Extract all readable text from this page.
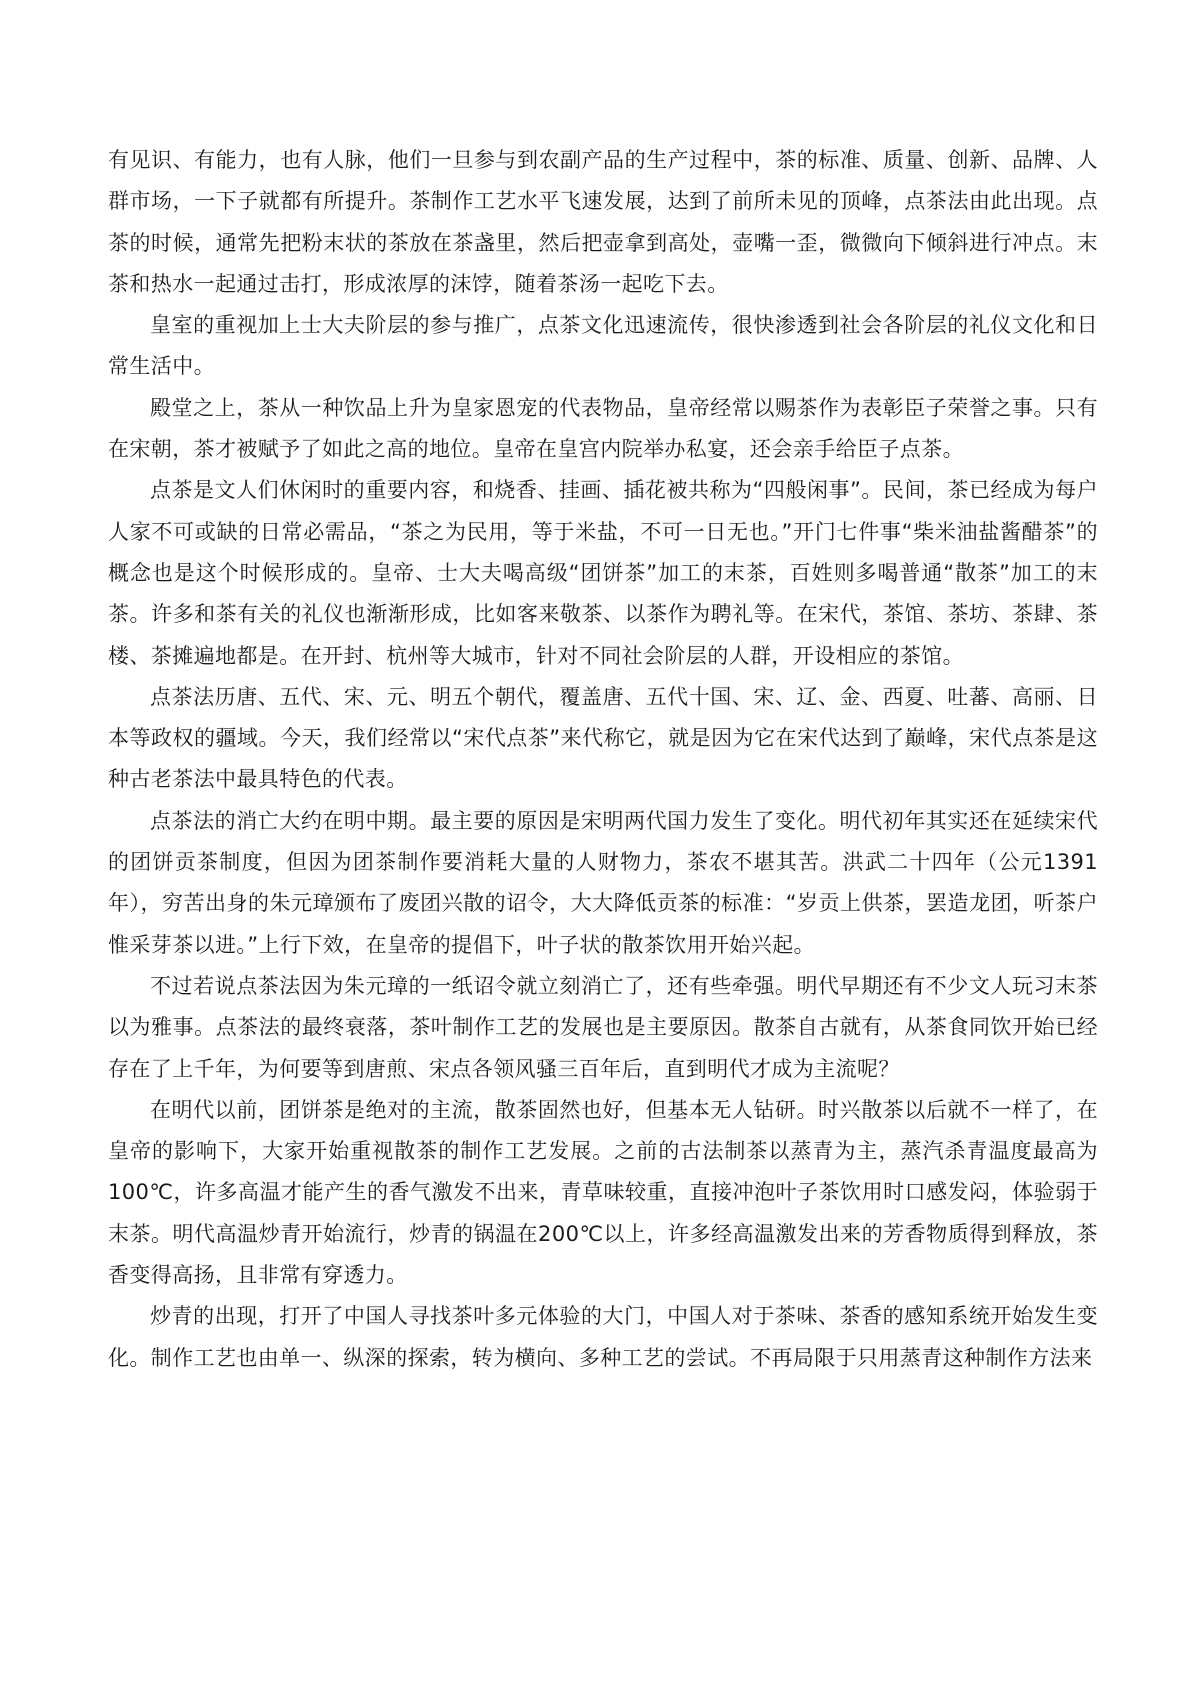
有见识、有能力，也有人脉，他们一旦参与到农副产品的生产过程中，茶的标准、质量、创新、品牌、人群市场，一下子就都有所提升。茶制作工艺水平飞速发展，达到了前所未见的顶峰，点茶法由此出现。点茶的时候，通常先把粉末状的茶放在茶盏里，然后把壶拿到高处，壶嘴一歪，微微向下倾斜进行冲点。末茶和热水一起通过击打，形成浓厚的沫饽，随着茶汤一起吃下去。

皇室的重视加上士大夫阶层的参与推广，点茶文化迅速流传，很快渗透到社会各阶层的礼仪文化和日常生活中。

殿堂之上，茶从一种饮品上升为皇家恩宠的代表物品，皇帝经常以赐茶作为表彰臣子荣誉之事。只有在宋朝，茶才被赋予了如此之高的地位。皇帝在皇宫内院举办私宴，还会亲手给臣子点茶。

点茶是文人们休闲时的重要内容，和烧香、挂画、插花被共称为“四般闲事”。民间，茶已经成为每户人家不可或缺的日常必需品，“茶之为民用，等于米盐，不可一日无也。”开门七件事“柴米油盐酱醋茶”的概念也是这个时候形成的。皇帝、士大夫喝高级“团饼茶”加工的末茶，百姓则多喝普通“散茶”加工的末茶。许多和茶有关的礼仪也渐渐形成，比如客来敬茶、以茶作为聘礼等。在宋代，茶馆、茶坊、茶肆、茶楼、茶摊遍地都是。在开封、杭州等大城市，针对不同社会阶层的人群，开设相应的茶馆。

点茶法历唐、五代、宋、元、明五个朝代，覆盖唐、五代十国、宋、辽、金、西夏、吐蕃、高丽、日本等政权的疆域。今天，我们经常以“宋代点茶”来代称它，就是因为它在宋代达到了巅峰，宋代点茶是这种古老茶法中最具特色的代表。

点茶法的消亡大约在明中期。最主要的原因是宋明两代国力发生了变化。明代初年其实还在延续宋代的团饼贡茶制度，但因为团茶制作要消耗大量的人财物力，茶农不堪其苦。洪武二十四年（公元1391年），穷苦出身的朱元璋颁布了废团兴散的诏令，大大降低贡茶的标准：“岁贡上供茶，罢造龙团，听茶户惟采芽茶以进。”上行下效，在皇帝的提倡下，叶子状的散茶饮用开始兴起。

不过若说点茶法因为朱元璋的一纸诏令就立刻消亡了，还有些牵强。明代早期还有不少文人玩习末茶以为雅事。点茶法的最终衰落，茶叶制作工艺的发展也是主要原因。散茶自古就有，从茶食同饮开始已经存在了上千年，为何要等到唐煎、宋点各领风骚三百年后，直到明代才成为主流呢？

在明代以前，团饼茶是绝对的主流，散茶固然也好，但基本无人钻研。时兴散茶以后就不一样了，在皇帝的影响下，大家开始重视散茶的制作工艺发展。之前的古法制茶以蒸青为主，蒸汽杀青温度最高为100℃，许多高温才能产生的香气激发不出来，青草味较重，直接冲泡叶子茶饮用时口感发闷，体验弱于末茶。明代高温炒青开始流行，炒青的锅温在200℃以上，许多经高温激发出来的芳香物质得到释放，茶香变得高扬，且非常有穿透力。

炒青的出现，打开了中国人寻找茶叶多元体验的大门，中国人对于茶味、茶香的感知系统开始发生变化。制作工艺也由单一、纵深的探索，转为横向、多种工艺的尝试。不再局限于只用蒸青这种制作方法来
